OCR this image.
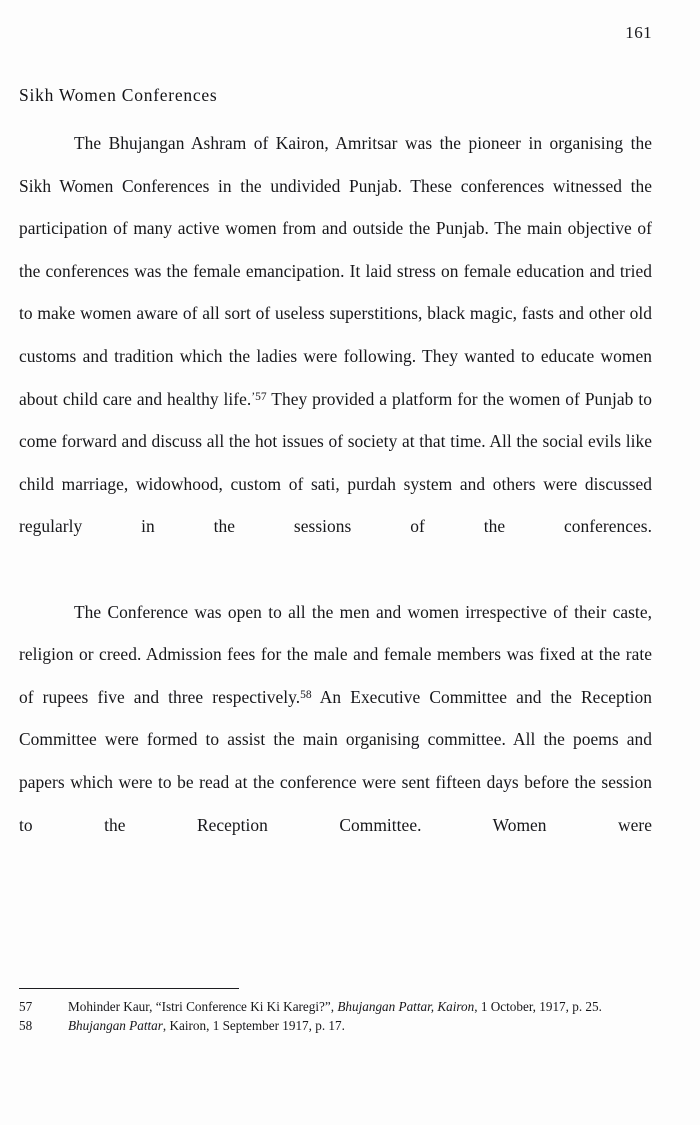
161
Sikh Women Conferences

The Bhujangan Ashram of Kairon, Amritsar was the pioneer in organising the Sikh Women Conferences in the undivided Punjab. These conferences witnessed the participation of many active women from and outside the Punjab. The main objective of the conferences was the female emancipation. It laid stress on female education and tried to make women aware of all sort of useless superstitions, black magic, fasts and other old customs and tradition which the ladies were following. They wanted to educate women about child care and healthy life.$^{’57}$ They provided a platform for the women of Punjab to come forward and discuss all the hot issues of society at that time. All the social evils like child marriage, widowhood, custom of sati, purdah system and others were discussed regularly in the sessions of the conferences.

The Conference was open to all the men and women irrespective of their caste, religion or creed. Admission fees for the male and female members was fixed at the rate of rupees five and three respectively.$^{58}$ An Executive Committee and the Reception Committee were formed to assist the main organising committee. All the poems and papers which were to be read at the conference were sent fifteen days before the session to the Reception Committee. Women were

57	Mohinder Kaur, “Istri Conference Ki Ki Karegi?”, Bhujangan Pattar, Kairon, 1 October, 1917, p. 25.
58	Bhujangan Pattar, Kairon, 1 September 1917, p. 17.
